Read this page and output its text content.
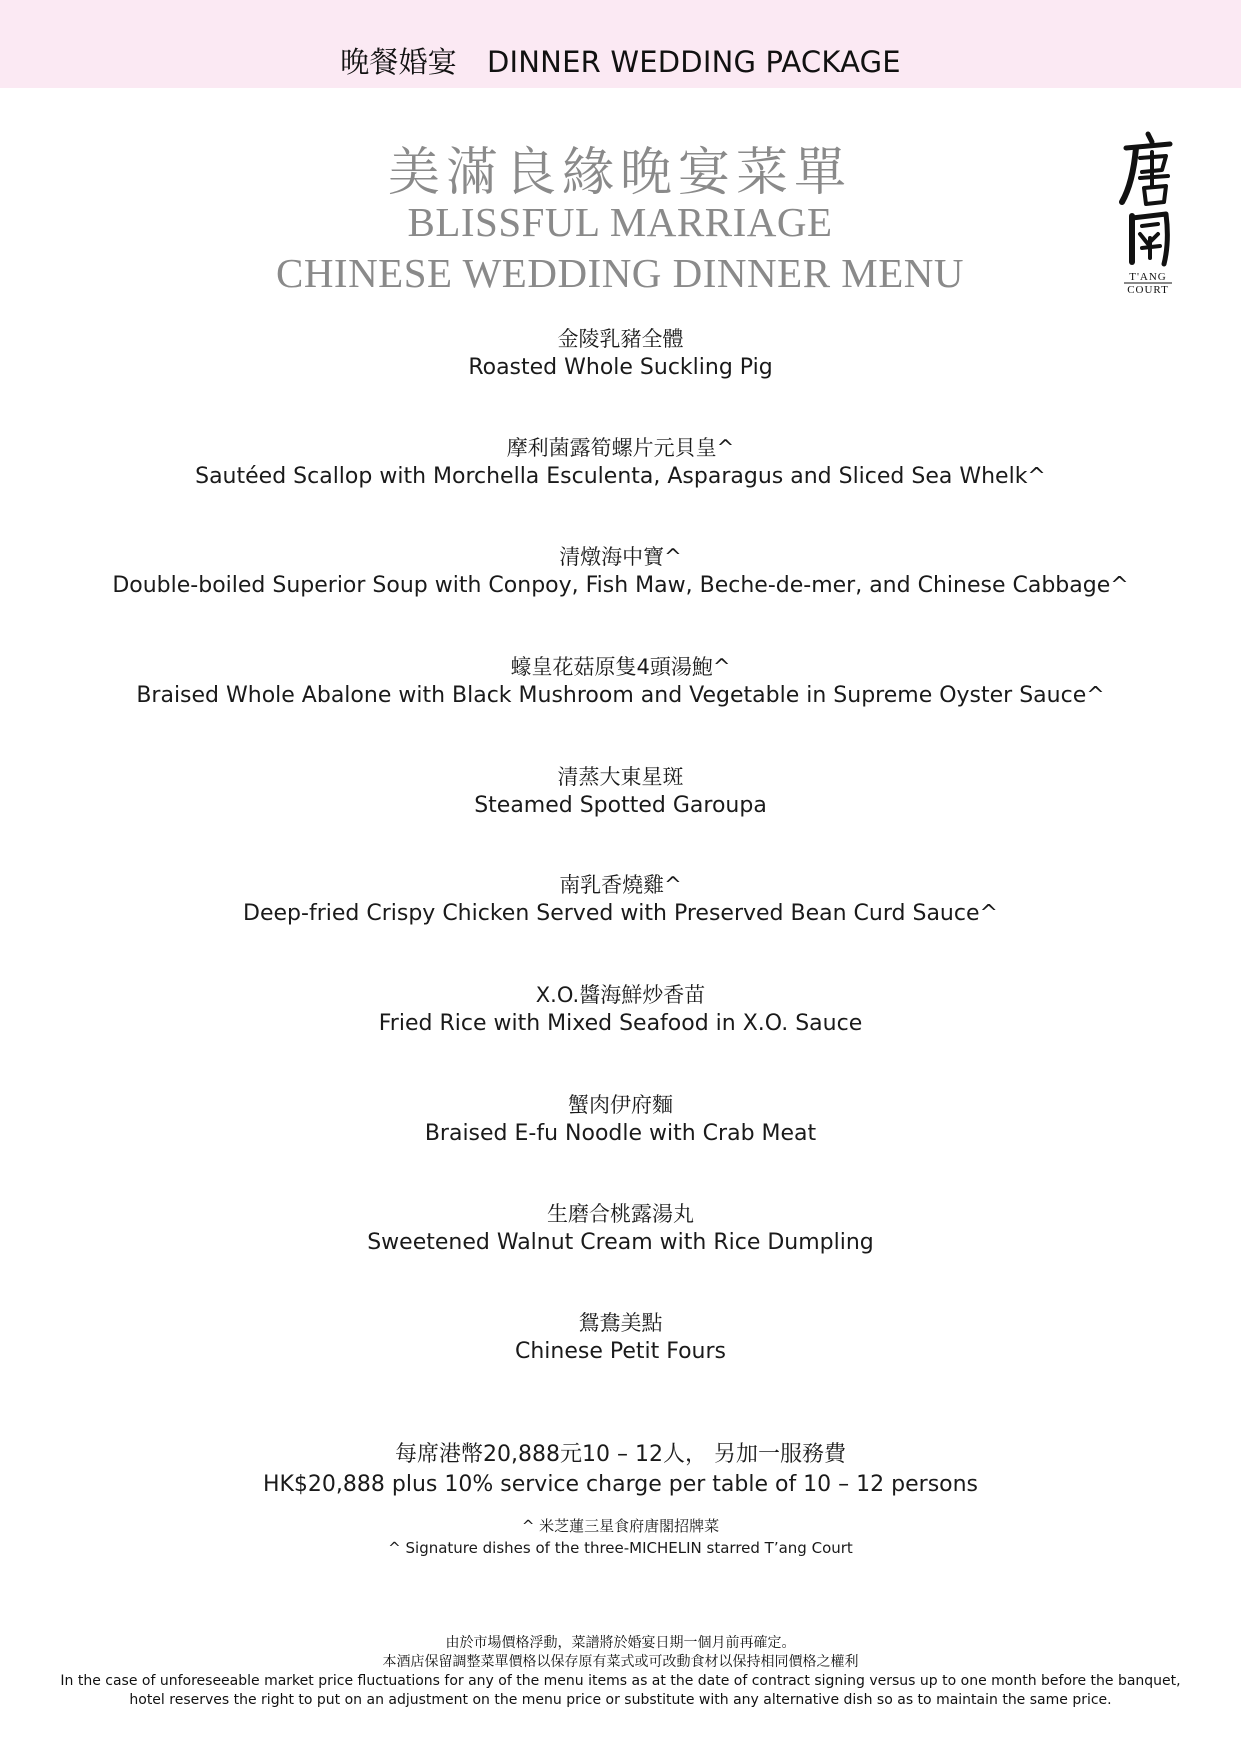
晚餐婚宴 DINNER WEDDING PACKAGE
美滿良緣晚宴菜單
BLISSFUL MARRIAGE
CHINESE WEDDING DINNER MENU	T'ANG
COURT
金陵乳豬全體
Roasted Whole Suckling Pig
摩利菌露筍螺片元貝皇^
Sautéed Scallop with Morchella Esculenta, Asparagus and Sliced Sea Whelk^
清燉海中寶^
Double-boiled Superior Soup with Conpoy, Fish Maw, Beche-de-mer, and Chinese Cabbage^
蠔皇花菇原隻4頭湯鮑^
Braised Whole Abalone with Black Mushroom and Vegetable in Supreme Oyster Sauce^
清蒸大東星斑
Steamed Spotted Garoupa
南乳香燒雞^
Deep-fried Crispy Chicken Served with Preserved Bean Curd Sauce^
X.O.醬海鮮炒香苗
Fried Rice with Mixed Seafood in X.O. Sauce
蟹肉伊府麵
Braised E-fu Noodle with Crab Meat
生磨合桃露湯丸
Sweetened Walnut Cream with Rice Dumpling
鴛鴦美點
Chinese Petit Fours
每席港幣20,888元10 – 12人， 另加一服務費
HK$20,888 plus 10% service charge per table of 10 – 12 persons
^ 米芝蓮三星食府唐閣招牌菜
^ Signature dishes of the three-MICHELIN starred T’ang Court
由於市場價格浮動，菜譜將於婚宴日期一個月前再確定。
本酒店保留調整菜單價格以保存原有菜式或可改動食材以保持相同價格之權利
In the case of unforeseeable market price fluctuations for any of the menu items as at the date of contract signing versus up to one month before the banquet,
hotel reserves the right to put on an adjustment on the menu price or substitute with any alternative dish so as to maintain the same price.
